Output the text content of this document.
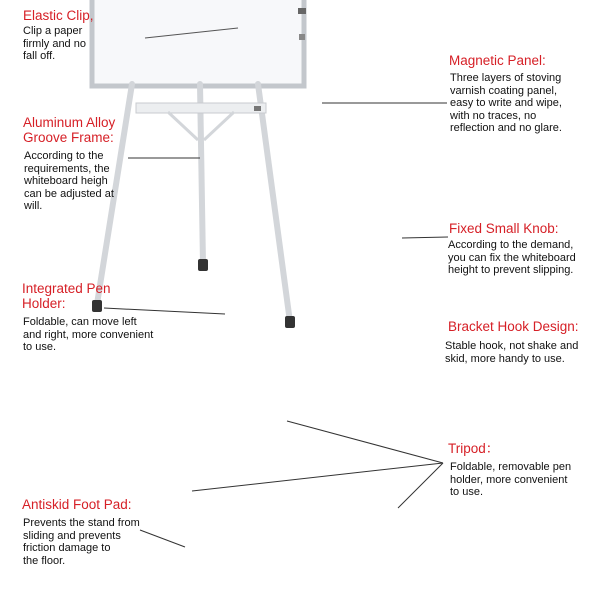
Elastic Clip,
Clip a paper
firmly and no
fall off.	Magnetic Panel:
Three layers of stoving
varnish coating panel,
easy to write and wipe,
with no traces, no
reflection and no glare.
Aluminum Alloy
Groove Frame:
According to the
requirements, the
whiteboard heigh
can be adjusted at
will.
Fixed Small Knob:
According to the demand,
you can fix the whiteboard
height to prevent slipping.
Integrated Pen
Holder:
Foldable, can move left
and right, more convenient
to use.
Bracket Hook Design:
Stable hook, not shake and
skid, more handy to use.
Tripod：
Foldable, removable pen
holder, more convenient
to use.
Antiskid Foot Pad:
Prevents the stand from
sliding and prevents
friction damage to
the floor.
